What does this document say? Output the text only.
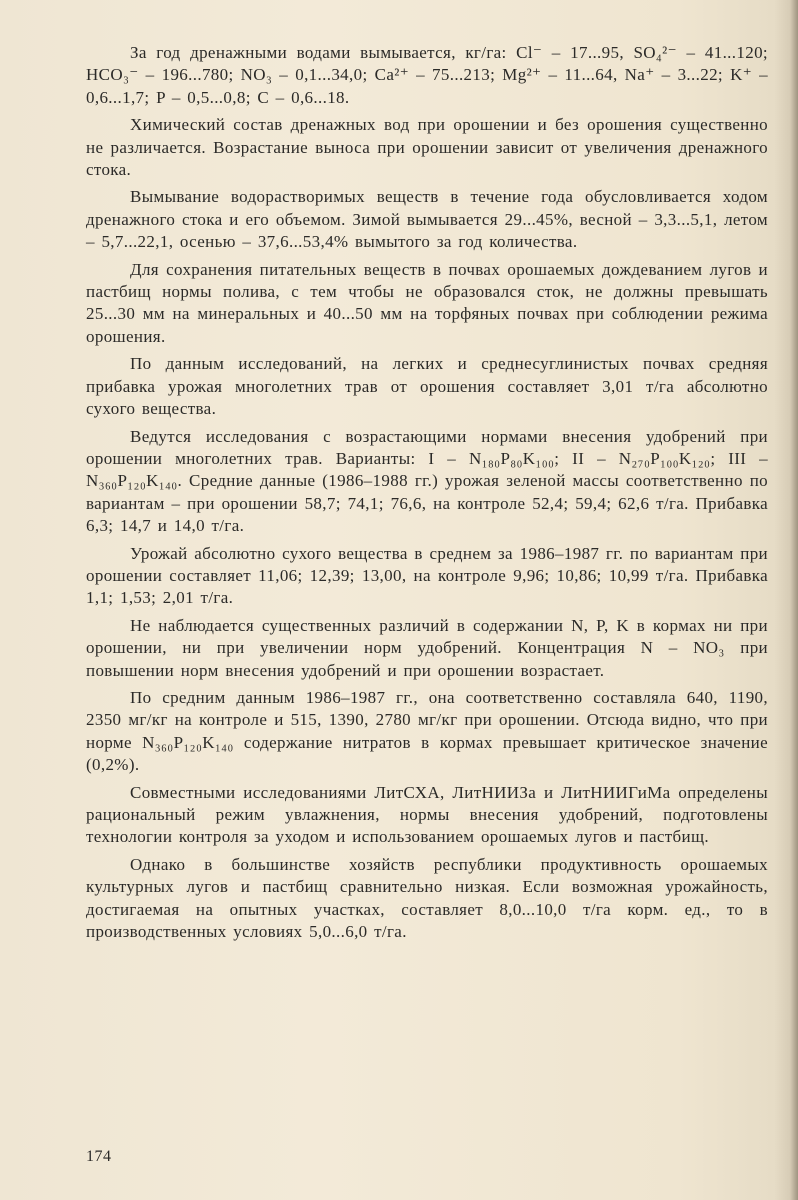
За год дренажными водами вымывается, кг/га: Cl⁻ – 17...95, SO₄²⁻ – 41...120; HCO₃⁻ – 196...780; NO₃ – 0,1...34,0; Ca²⁺ – 75...213; Mg²⁺ – 11...64, Na⁺ – 3...22; K⁺ – 0,6...1,7; P – 0,5...0,8; C – 0,6...18.

Химический состав дренажных вод при орошении и без орошения существенно не различается. Возрастание выноса при орошении зависит от увеличения дренажного стока.

Вымывание водорастворимых веществ в течение года обусловливается ходом дренажного стока и его объемом. Зимой вымывается 29...45%, весной – 3,3...5,1, летом – 5,7...22,1, осенью – 37,6...53,4% вымытого за год количества.

Для сохранения питательных веществ в почвах орошаемых дождеванием лугов и пастбищ нормы полива, с тем чтобы не образовался сток, не должны превышать 25...30 мм на минеральных и 40...50 мм на торфяных почвах при соблюдении режима орошения.

По данным исследований, на легких и среднесуглинистых почвах средняя прибавка урожая многолетних трав от орошения составляет 3,01 т/га абсолютно сухого вещества.

Ведутся исследования с возрастающими нормами внесения удобрений при орошении многолетних трав. Варианты: I – N₁₈₀P₈₀K₁₀₀; II – N₂₇₀P₁₀₀K₁₂₀; III – N₃₆₀P₁₂₀K₁₄₀. Средние данные (1986–1988 гг.) урожая зеленой массы соответственно по вариантам – при орошении 58,7; 74,1; 76,6, на контроле 52,4; 59,4; 62,6 т/га. Прибавка 6,3; 14,7 и 14,0 т/га.

Урожай абсолютно сухого вещества в среднем за 1986–1987 гг. по вариантам при орошении составляет 11,06; 12,39; 13,00, на контроле 9,96; 10,86; 10,99 т/га. Прибавка 1,1; 1,53; 2,01 т/га.

Не наблюдается существенных различий в содержании N, P, K в кормах ни при орошении, ни при увеличении норм удобрений. Концентрация N – NO₃ при повышении норм внесения удобрений и при орошении возрастает.

По средним данным 1986–1987 гг., она соответственно составляла 640, 1190, 2350 мг/кг на контроле и 515, 1390, 2780 мг/кг при орошении. Отсюда видно, что при норме N₃₆₀P₁₂₀K₁₄₀ содержание нитратов в кормах превышает критическое значение (0,2%).

Совместными исследованиями ЛитСХА, ЛитНИИЗа и ЛитНИИГиМа определены рациональный режим увлажнения, нормы внесения удобрений, подготовлены технологии контроля за уходом и использованием орошаемых лугов и пастбищ.

Однако в большинстве хозяйств республики продуктивность орошаемых культурных лугов и пастбищ сравнительно низкая. Если возможная урожайность, достигаемая на опытных участках, составляет 8,0...10,0 т/га корм. ед., то в производственных условиях 5,0...6,0 т/га.

174
